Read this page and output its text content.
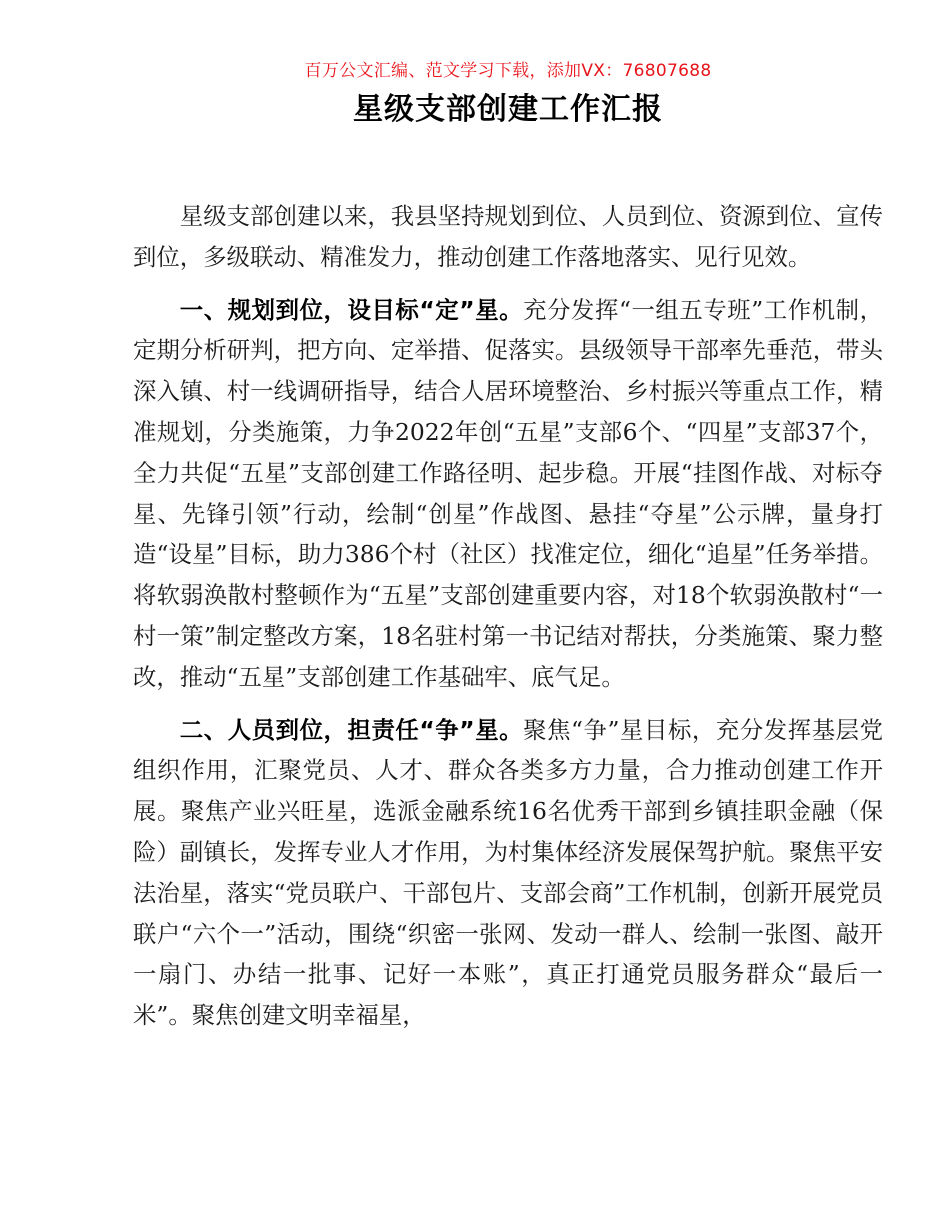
百万公文汇编、范文学习下载，添加VX：76807688
星级支部创建工作汇报

星级支部创建以来，我县坚持规划到位、人员到位、资源到位、宣传到位，多级联动、精准发力，推动创建工作落地落实、见行见效。

一、规划到位，设目标“定”星。充分发挥“一组五专班”工作机制，定期分析研判，把方向、定举措、促落实。县级领导干部率先垂范，带头深入镇、村一线调研指导，结合人居环境整治、乡村振兴等重点工作，精准规划，分类施策，力争2022年创“五星”支部6个、“四星”支部37个，全力共促“五星”支部创建工作路径明、起步稳。开展“挂图作战、对标夺星、先锋引领”行动，绘制“创星”作战图、悬挂“夺星”公示牌，量身打造“设星”目标，助力386个村（社区）找准定位，细化“追星”任务举措。将软弱涣散村整顿作为“五星”支部创建重要内容，对18个软弱涣散村“一村一策”制定整改方案，18名驻村第一书记结对帮扶，分类施策、聚力整改，推动“五星”支部创建工作基础牢、底气足。

二、人员到位，担责任“争”星。聚焦“争”星目标，充分发挥基层党组织作用，汇聚党员、人才、群众各类多方力量，合力推动创建工作开展。聚焦产业兴旺星，选派金融系统16名优秀干部到乡镇挂职金融（保险）副镇长，发挥专业人才作用，为村集体经济发展保驾护航。聚焦平安法治星，落实“党员联户、干部包片、支部会商”工作机制，创新开展党员联户“六个一”活动，围绕“织密一张网、发动一群人、绘制一张图、敲开一扇门、办结一批事、记好一本账”，真正打通党员服务群众“最后一米”。聚焦创建文明幸福星，
